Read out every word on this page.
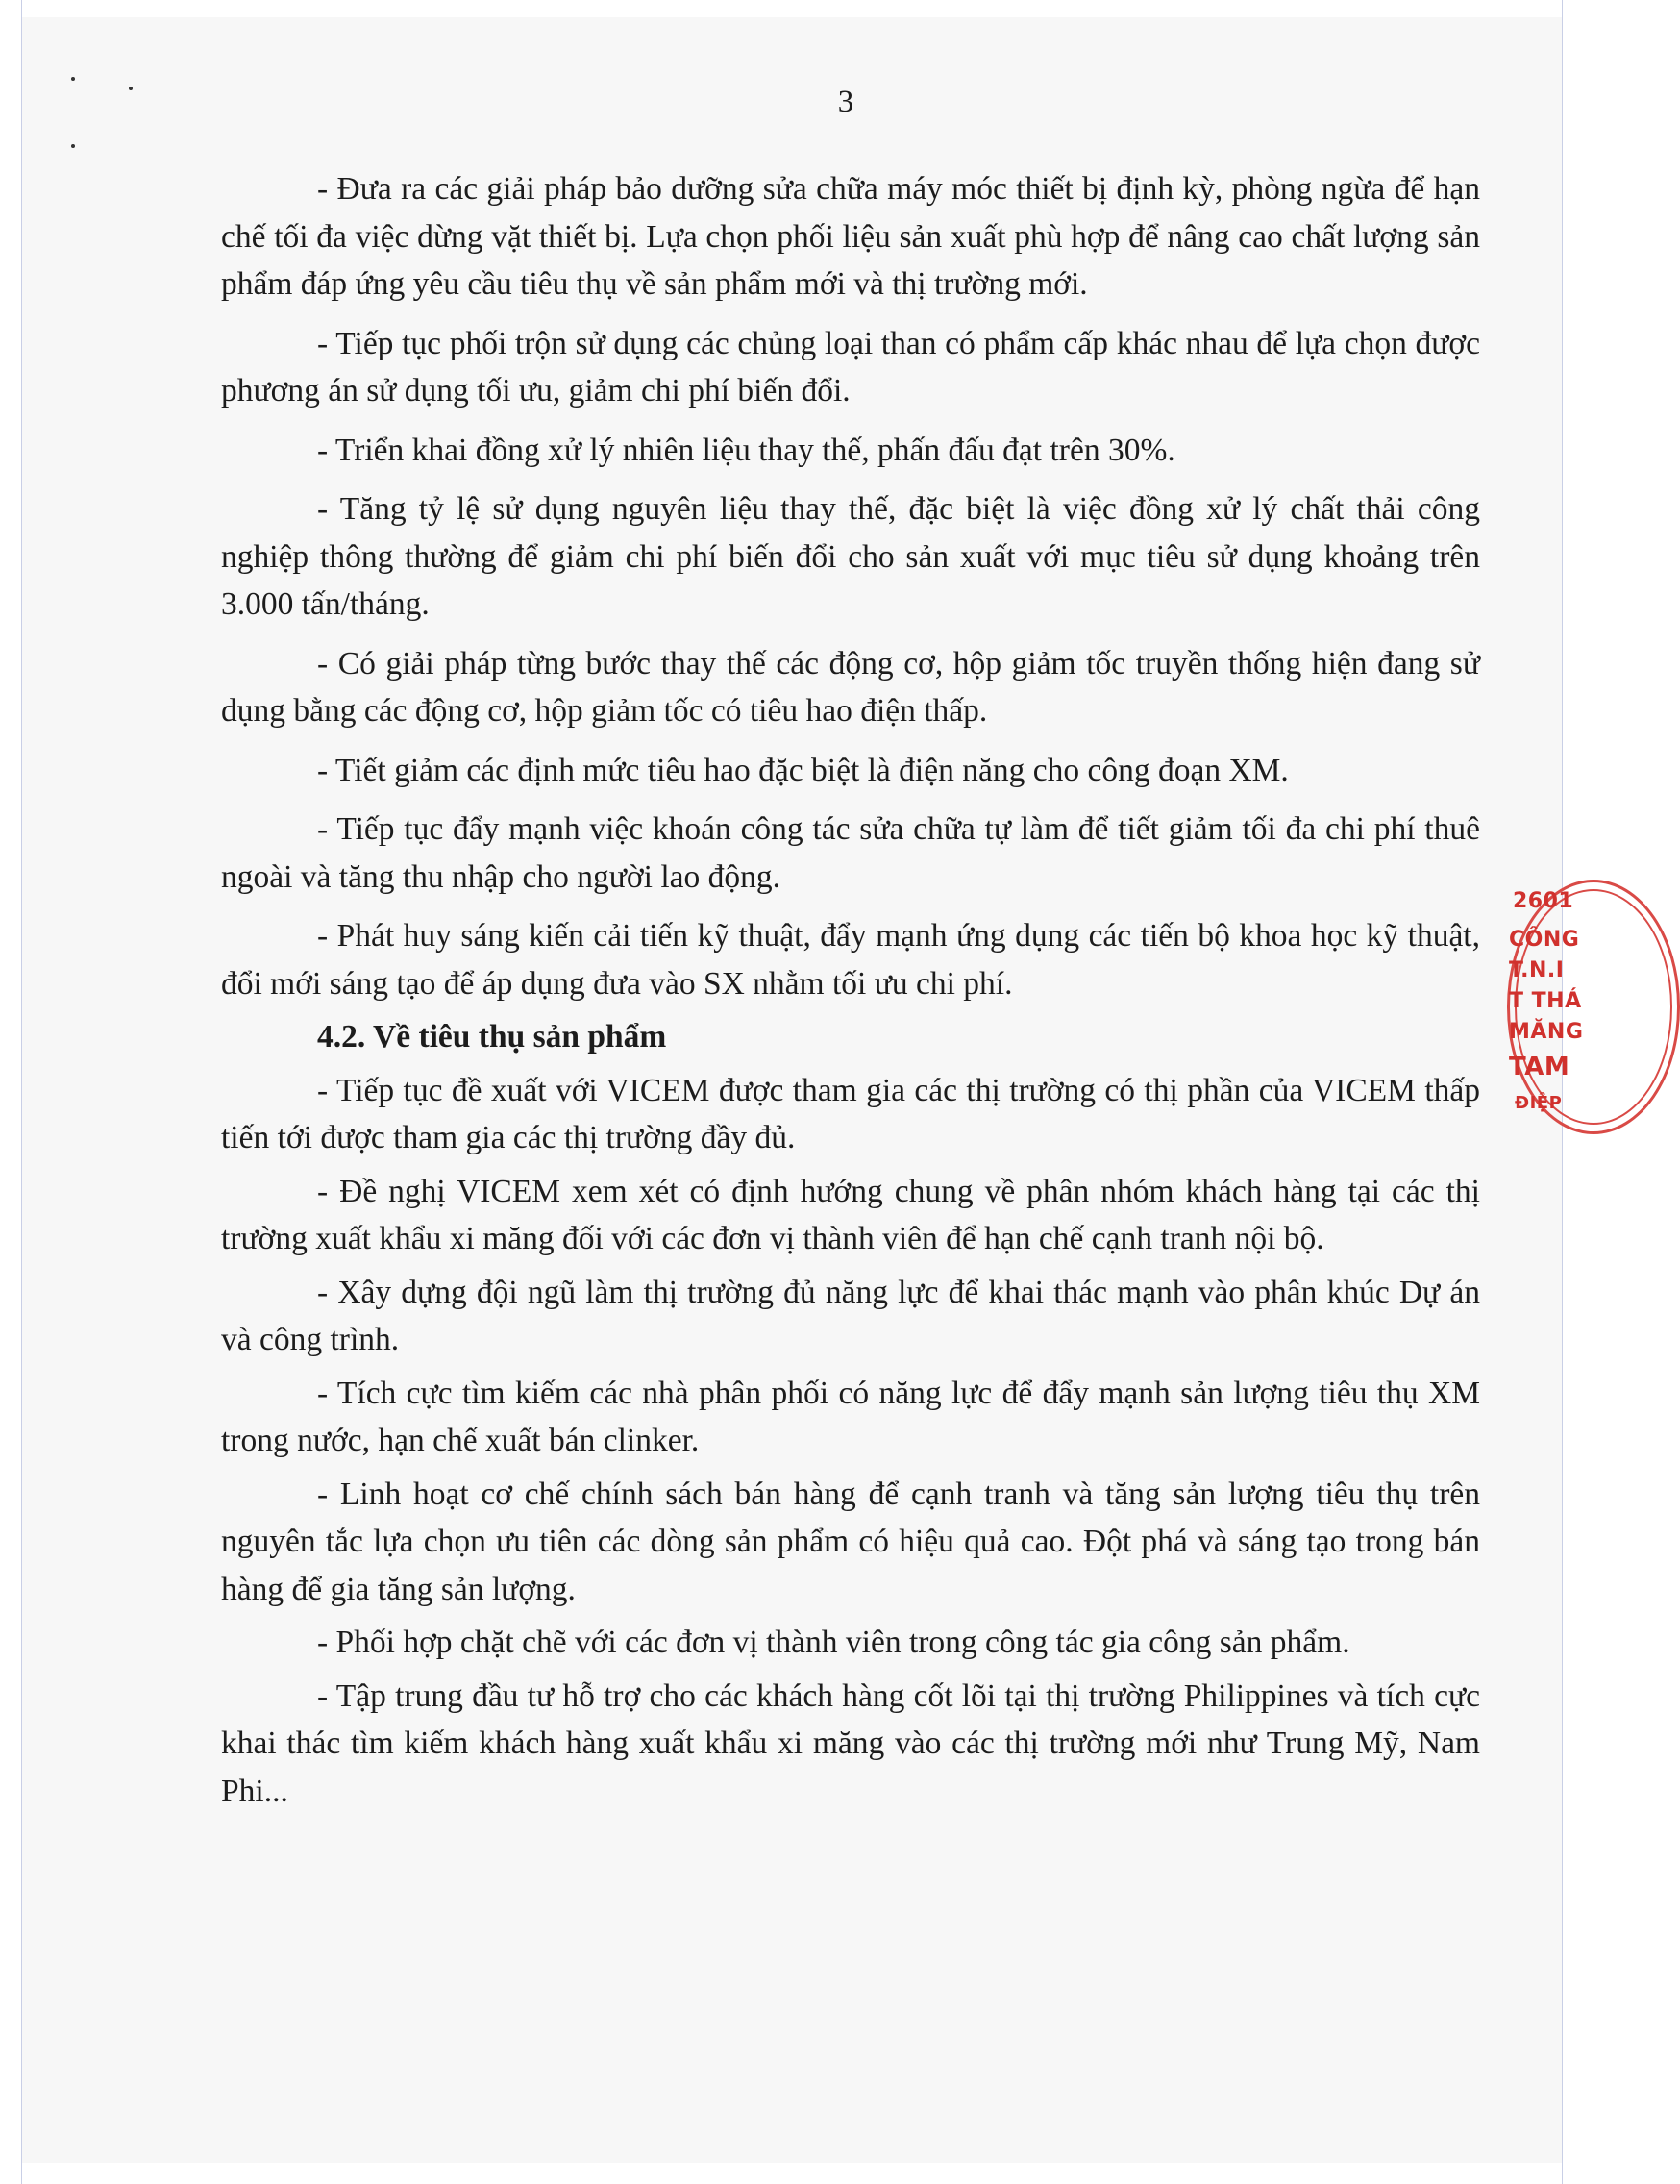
3

- Đưa ra các giải pháp bảo dưỡng sửa chữa máy móc thiết bị định kỳ, phòng ngừa để hạn chế tối đa việc dừng vặt thiết bị. Lựa chọn phối liệu sản xuất phù hợp để nâng cao chất lượng sản phẩm đáp ứng yêu cầu tiêu thụ về sản phẩm mới và thị trường mới.

- Tiếp tục phối trộn sử dụng các chủng loại than có phẩm cấp khác nhau để lựa chọn được phương án sử dụng tối ưu, giảm chi phí biến đổi.

- Triển khai đồng xử lý nhiên liệu thay thế, phấn đấu đạt trên 30%.

- Tăng tỷ lệ sử dụng nguyên liệu thay thế, đặc biệt là việc đồng xử lý chất thải công nghiệp thông thường để giảm chi phí biến đổi cho sản xuất với mục tiêu sử dụng khoảng trên 3.000 tấn/tháng.

- Có giải pháp từng bước thay thế các động cơ, hộp giảm tốc truyền thống hiện đang sử dụng bằng các động cơ, hộp giảm tốc có tiêu hao điện thấp.

- Tiết giảm các định mức tiêu hao đặc biệt là điện năng cho công đoạn XM.

- Tiếp tục đẩy mạnh việc khoán công tác sửa chữa tự làm để tiết giảm tối đa chi phí thuê ngoài và tăng thu nhập cho người lao động.

- Phát huy sáng kiến cải tiến kỹ thuật, đẩy mạnh ứng dụng các tiến bộ khoa học kỹ thuật, đổi mới sáng tạo để áp dụng đưa vào SX nhằm tối ưu chi phí.

4.2. Về tiêu thụ sản phẩm

- Tiếp tục đề xuất với VICEM được tham gia các thị trường có thị phần của VICEM thấp tiến tới được tham gia các thị trường đầy đủ.

- Đề nghị VICEM xem xét có định hướng chung về phân nhóm khách hàng tại các thị trường xuất khẩu xi măng đối với các đơn vị thành viên để hạn chế cạnh tranh nội bộ.

- Xây dựng đội ngũ làm thị trường đủ năng lực để khai thác mạnh vào phân khúc Dự án và công trình.

- Tích cực tìm kiếm các nhà phân phối có năng lực để đẩy mạnh sản lượng tiêu thụ XM trong nước, hạn chế xuất bán clinker.

- Linh hoạt cơ chế chính sách bán hàng để cạnh tranh và tăng sản lượng tiêu thụ trên nguyên tắc lựa chọn ưu tiên các dòng sản phẩm có hiệu quả cao. Đột phá và sáng tạo trong bán hàng để gia tăng sản lượng.

- Phối hợp chặt chẽ với các đơn vị thành viên trong công tác gia công sản phẩm.

- Tập trung đầu tư hỗ trợ cho các khách hàng cốt lõi tại thị trường Philippines và tích cực khai thác tìm kiếm khách hàng xuất khẩu xi măng vào các thị trường mới như Trung Mỹ, Nam Phi...

2601
CÔNG
T.N.I
T THÁ
MĂNG
TAM
ĐIỆP
